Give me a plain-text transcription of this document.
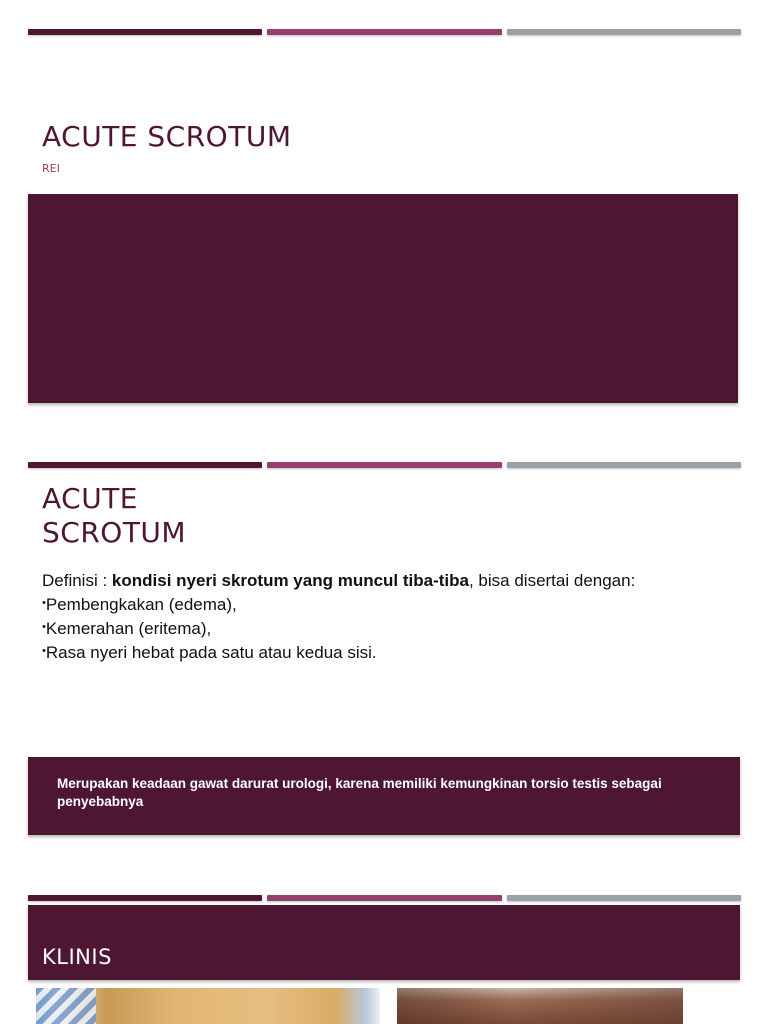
ACUTE SCROTUM
REI
ACUTE
SCROTUM

Definisi : kondisi nyeri skrotum yang muncul tiba-tiba, bisa disertai dengan:

•Pembengkakan (edema),
•Kemerahan (eritema),
•Rasa nyeri hebat pada satu atau kedua sisi.
Merupakan keadaan gawat darurat urologi, karena memiliki kemungkinan torsio testis sebagai penyebabnya
KLINIS
